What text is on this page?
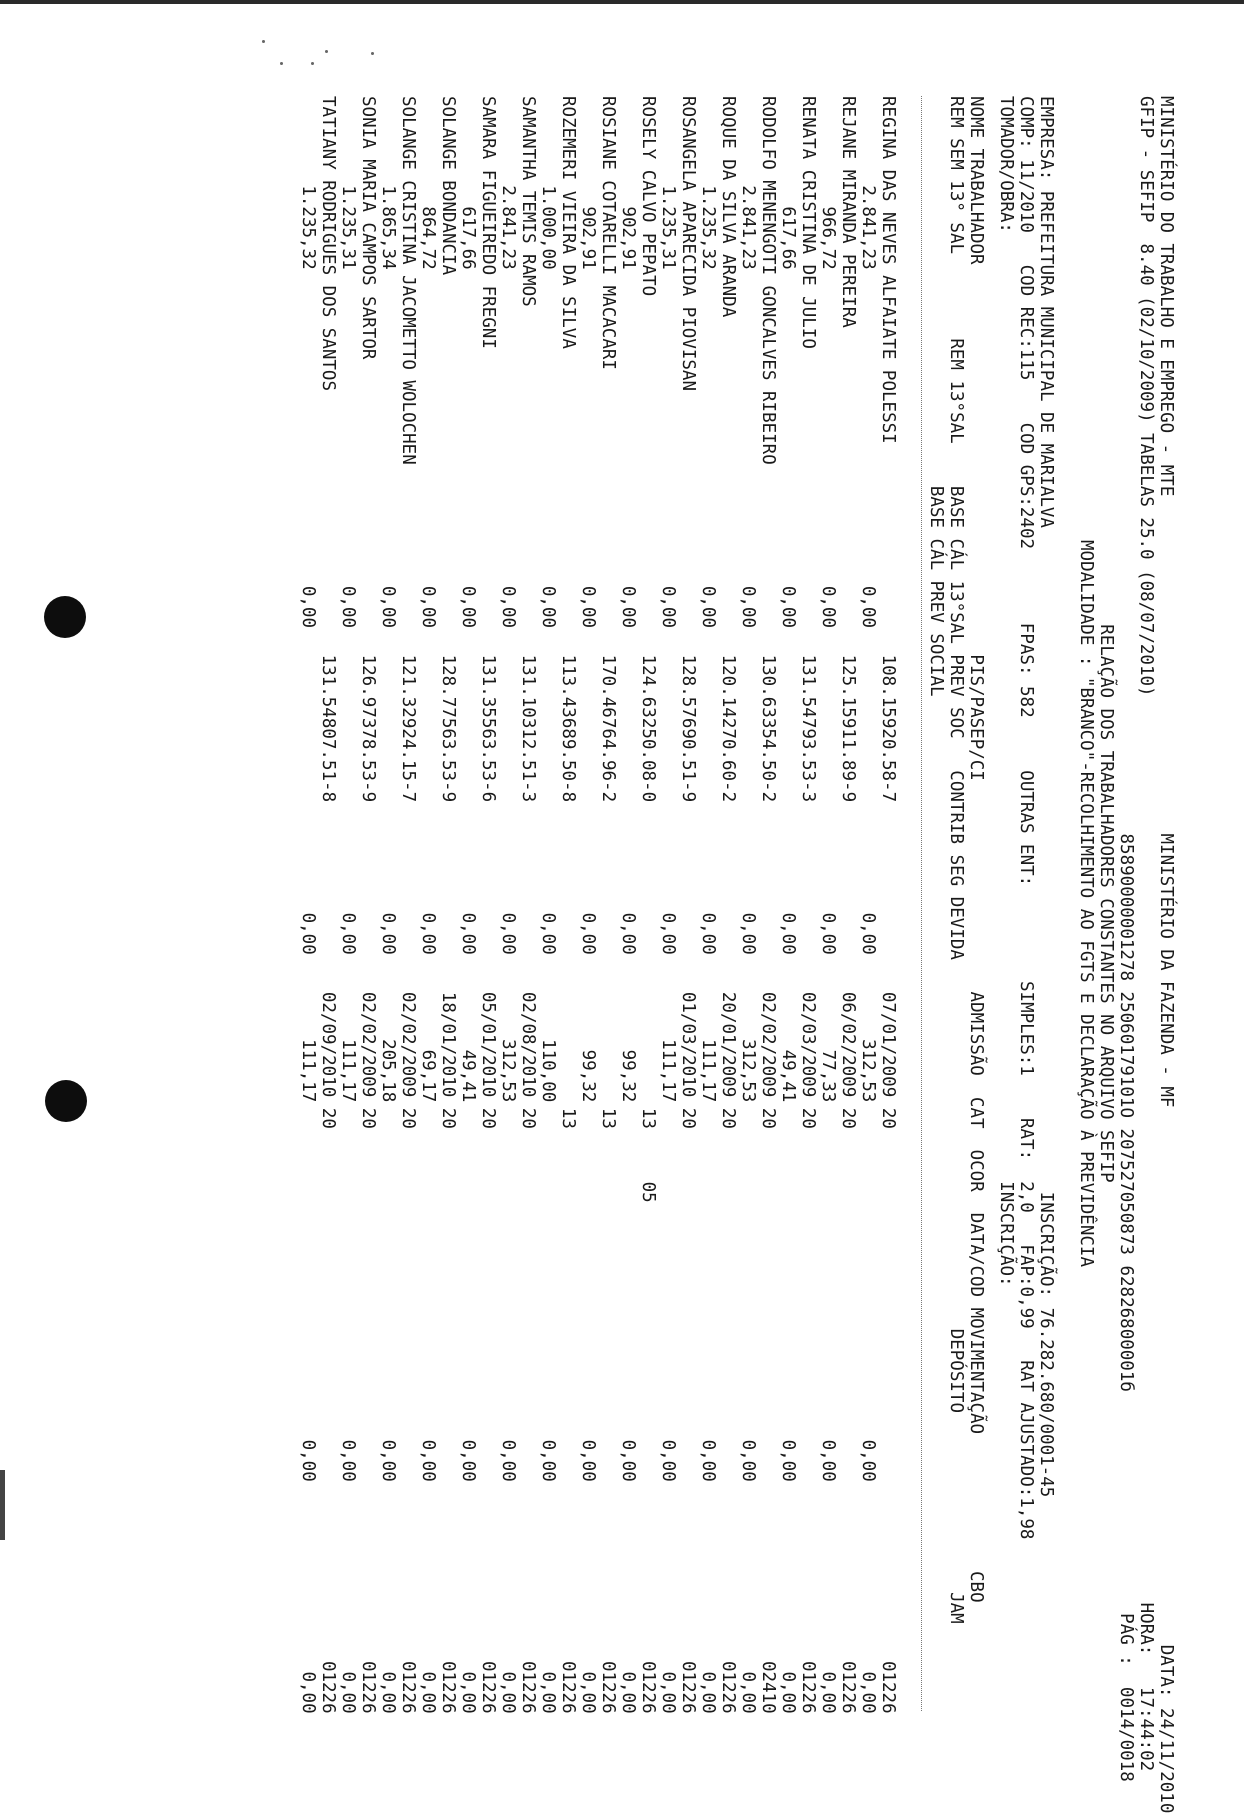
MINISTÉRIO DO TRABALHO E EMPREGO - MTE                                MINISTÉRIO DA FAZENDA - MF                                                   DATA: 24/11/2010
GFIP - SEFIP  8.40 (02/10/2009) TABELAS 25.0 (08/07/2010)                                                                                      HORA:   17:44:02
85890000001278 25060179101O 20752705087З 62826800001б                     PÁG :  0014/0018
RELAÇÃO DOS TRABALHADORES CONSTANTES NO ARQUIVO SEFIP
MODALIDADE : "BRANCO"-RECOLHIMENTO AO FGTS E DECLARAÇÃO À PREVIDÊNCIA
EMPRESA: PREFEITURA MUNICIPAL DE MARIALVA                                                               INSCRIÇÃO: 76.282.680/0001-45
COMP: 11/2010   COD REC:115    COD GPS:2402       FPAS: 582     OUTRAS ENT:         SIMPLES:1    RAT:  2,0   FAP:0,99   RAT AJUSTADO:1,98
TOMADOR/OBRA:                                                                                          INSCRIÇÃO:
NOME TRABALHADOR                                     PIS/PASEP/CI                    ADMISSÃO  CAT  OCOR  DATA/COD MOVIMENTAÇÃO             CBO
REM SEM 13° SAL        REM 13°SAL    BASE CÁL 13°SAL PREV SOC   CONTRIB SEG DEVIDA                                   DEPÓSITO                 JAM
BASE CÁL PREV SOCIAL
REGINA DAS NEVES ALFAIATE POLESSI
108.15920.58-7
07/01/2009
20
01226
2.841,23
0,00
0,00
312,53
0,00
0,00
REJANE MIRANDA PEREIRA
125.15911.89-9
06/02/2009
20
01226
966,72
0,00
0,00
77,33
0,00
0,00
RENATA CRISTINA DE JULIO
131.54793.53-3
02/03/2009
20
01226
617,66
0,00
0,00
49,41
0,00
0,00
RODOLFO MENENGOTI GONCALVES RIBEIRO
130.63354.50-2
02/02/2009
20
02410
2.841,23
0,00
0,00
312,53
0,00
0,00
ROQUE DA SILVA ARANDA
120.14270.60-2
20/01/2009
20
01226
1.235,32
0,00
0,00
111,17
0,00
0,00
ROSANGELA APARECIDA PIOVISAN
128.57690.51-9
01/03/2010
20
01226
1.235,31
0,00
0,00
111,17
0,00
0,00
ROSELY CALVO PEPATO
124.63250.08-0
13
05
01226
902,91
0,00
0,00
99,32
0,00
0,00
ROSIANE COTARELLI MACACARI
170.46764.96-2
13
01226
902,91
0,00
0,00
99,32
0,00
0,00
ROZEMERI VIEIRA DA SILVA
113.43689.50-8
13
01226
1.000,00
0,00
0,00
110,00
0,00
0,00
SAMANTHA TEMIS RAMOS
131.10312.51-3
02/08/2010
20
01226
2.841,23
0,00
0,00
312,53
0,00
0,00
SAMARA FIGUEIREDO FREGNI
131.35563.53-6
05/01/2010
20
01226
617,66
0,00
0,00
49,41
0,00
0,00
SOLANGE BONDANCIA
128.77563.53-9
18/01/2010
20
01226
864,72
0,00
0,00
69,17
0,00
0,00
SOLANGE CRISTINA JACOMETTO WOLOCHEN
121.32924.15-7
02/02/2009
20
01226
1.865,34
0,00
0,00
205,18
0,00
0,00
SONIA MARIA CAMPOS SARTOR
126.97378.53-9
02/02/2009
20
01226
1.235,31
0,00
0,00
111,17
0,00
0,00
TATIANY RODRIGUES DOS SANTOS
131.54807.51-8
02/09/2010
20
01226
1.235,32
0,00
0,00
111,17
0,00
0,00
